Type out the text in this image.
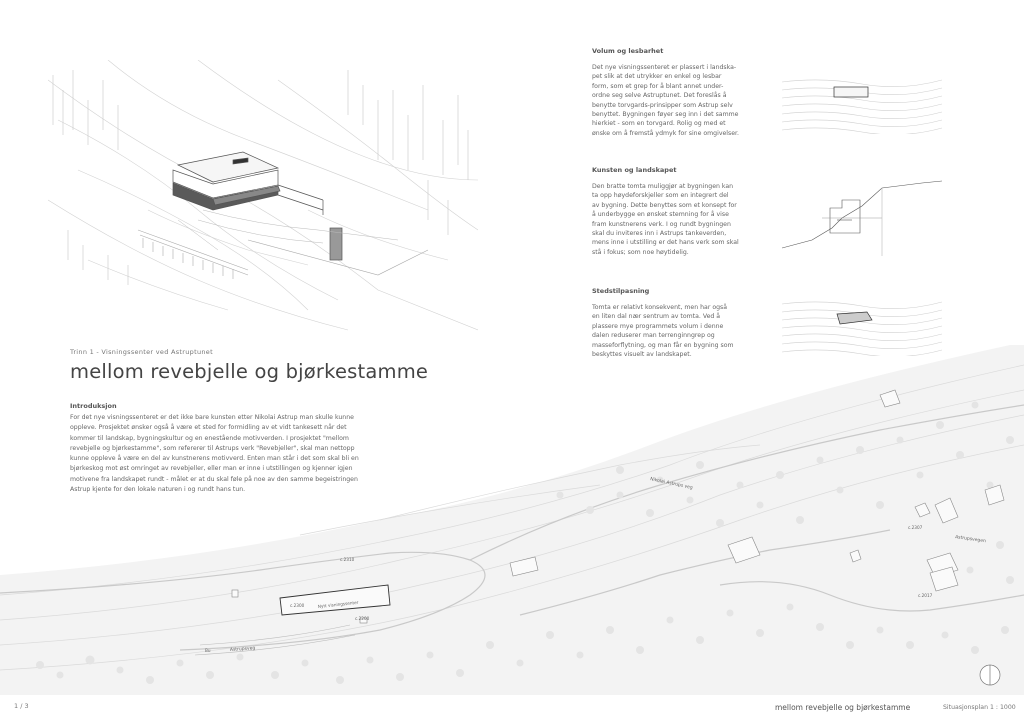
Nikolai Astrups veg
Astrupsvegen
Astrupsveg
Nytt visningssenter
c.2310
c.2300
c.2200
c.2307
c.2017
Bu
Trinn 1 - Visningssenter ved Astruptunet
mellom revebjelle og bjørkestamme
Introduksjon
For det nye visningssenteret er det ikke bare kunsten etter Nikolai Astrup man skulle kunne
oppleve. Prosjektet ønsker også å være et sted for formidling av et vidt tankesett når det
kommer til landskap, bygningskultur og en enestående motivverden. I prosjektet "mellom
revebjelle og bjørkestamme", som refererer til Astrups verk "Revebjeller", skal man nettopp
kunne oppleve å være en del av kunstnerens motivverd. Enten man står i det som skal bli en
bjørkeskog mot øst omringet av revebjeller, eller man er inne i utstillingen og kjenner igjen
motivene fra landskapet rundt - målet er at du skal føle på noe av den samme begeistringen
Astrup kjente for den lokale naturen i og rundt hans tun.
Volum og lesbarhet
Det nye visningssenteret er plassert i landska-
pet slik at det utrykker en enkel og lesbar
form, som et grep for å blant annet under-
ordne seg selve Astruptunet. Det foreslås å
benytte torvgards-prinsipper som Astrup selv
benyttet. Bygningen føyer seg inn i det samme
hierkiet - som en torvgard. Rolig og med et
ønske om å fremstå ydmyk for sine omgivelser.
Kunsten og landskapet
Den bratte tomta muliggjør at bygningen kan
ta opp høydeforskjeller som en integrert del
av bygning. Dette benyttes som et konsept for
å underbygge en ønsket stemning for å vise
fram kunstnerens verk. I og rundt bygningen
skal du inviteres inn i Astrups tankeverden,
mens inne i utstilling er det hans verk som skal
stå i fokus; som noe høytidelig.
Stedstilpasning
Tomta er relativt konsekvent, men har også
en liten dal nær sentrum av tomta. Ved å
plassere mye programmets volum i denne
dalen reduserer man terrenginngrep og
masseforflytning, og man får en bygning som
beskyttes visuelt av landskapet.
1 / 3	mellom revebjelle og bjørkestamme	Situasjonsplan 1 : 1000
